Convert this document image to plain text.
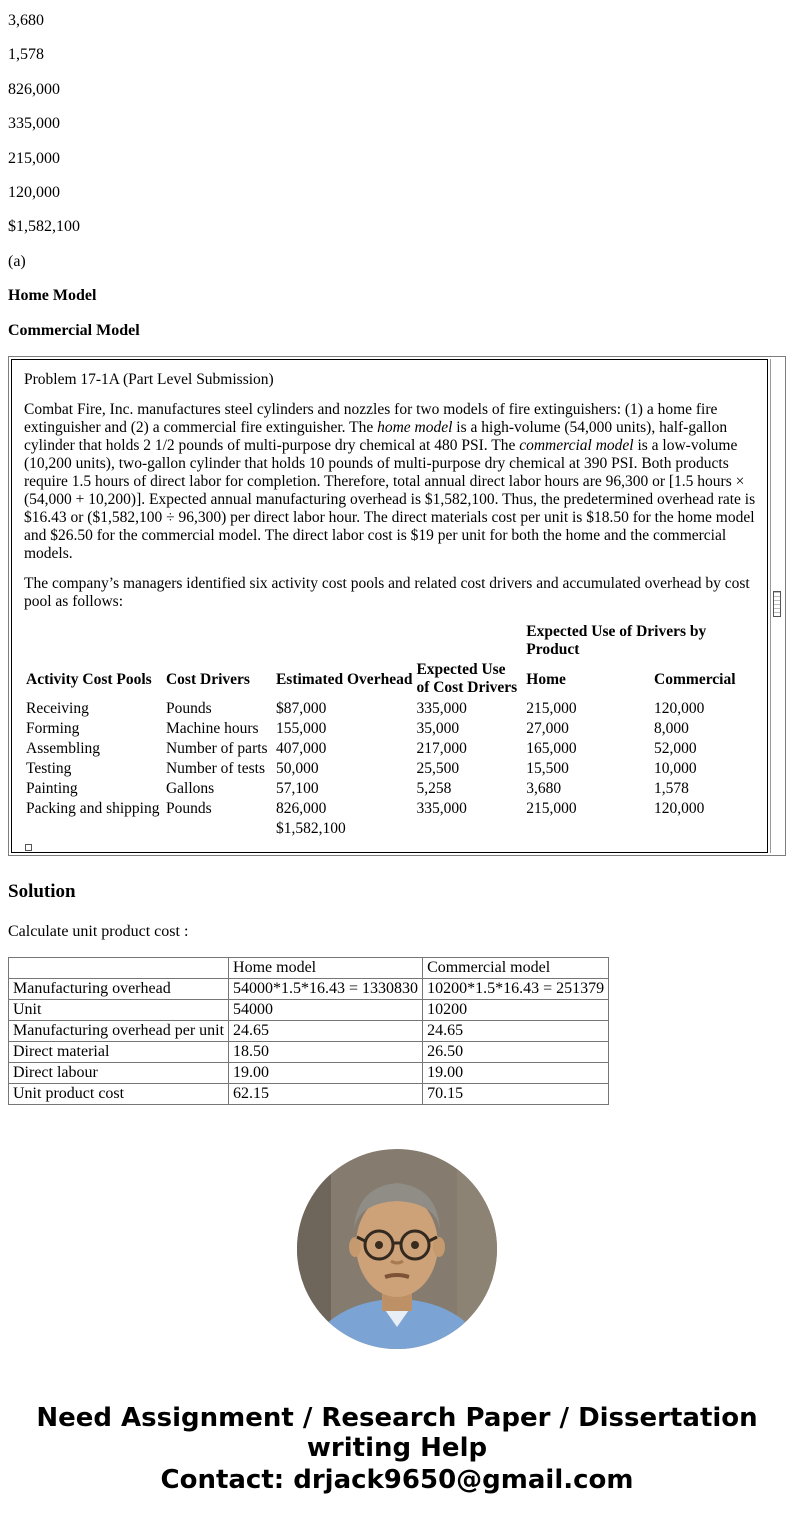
3,680

1,578

826,000

335,000

215,000

120,000

$1,582,100

(a)

Home Model

Commercial Model

Problem 17-1A (Part Level Submission)

Combat Fire, Inc. manufactures steel cylinders and nozzles for two models of fire extinguishers: (1) a home fire extinguisher and (2) a commercial fire extinguisher. The home model is a high-volume (54,000 units), half-gallon cylinder that holds 2 1/2 pounds of multi-purpose dry chemical at 480 PSI. The commercial model is a low-volume (10,200 units), two-gallon cylinder that holds 10 pounds of multi-purpose dry chemical at 390 PSI. Both products require 1.5 hours of direct labor for completion. Therefore, total annual direct labor hours are 96,300 or [1.5 hours × (54,000 + 10,200)]. Expected annual manufacturing overhead is $1,582,100. Thus, the predetermined overhead rate is $16.43 or ($1,582,100 ÷ 96,300) per direct labor hour. The direct materials cost per unit is $18.50 for the home model and $26.50 for the commercial model. The direct labor cost is $19 per unit for both the home and the commercial models.

The company’s managers identified six activity cost pools and related cost drivers and accumulated overhead by cost pool as follows:

				Expected Use of Drivers by Product	
Activity Cost Pools	Cost Drivers	Estimated Overhead	Expected Use of Cost Drivers	Home	Commercial
Receiving	Pounds	$87,000	335,000	215,000	120,000
Forming	Machine hours	155,000	35,000	27,000	8,000
Assembling	Number of parts	407,000	217,000	165,000	52,000
Testing	Number of tests	50,000	25,500	15,500	10,000
Painting	Gallons	57,100	5,258	3,680	1,578
Packing and shipping	Pounds	826,000	335,000	215,000	120,000
		$1,582,100			

Solution

Calculate unit product cost :

	Home model	Commercial model
Manufacturing overhead	54000*1.5*16.43 = 1330830	10200*1.5*16.43 = 251379
Unit	54000	10200
Manufacturing overhead per unit	24.65	24.65
Direct material	18.50	26.50
Direct labour	19.00	19.00
Unit product cost	62.15	70.15
Need Assignment / Research Paper / Dissertation writing Help
Contact: drjack9650@gmail.com
